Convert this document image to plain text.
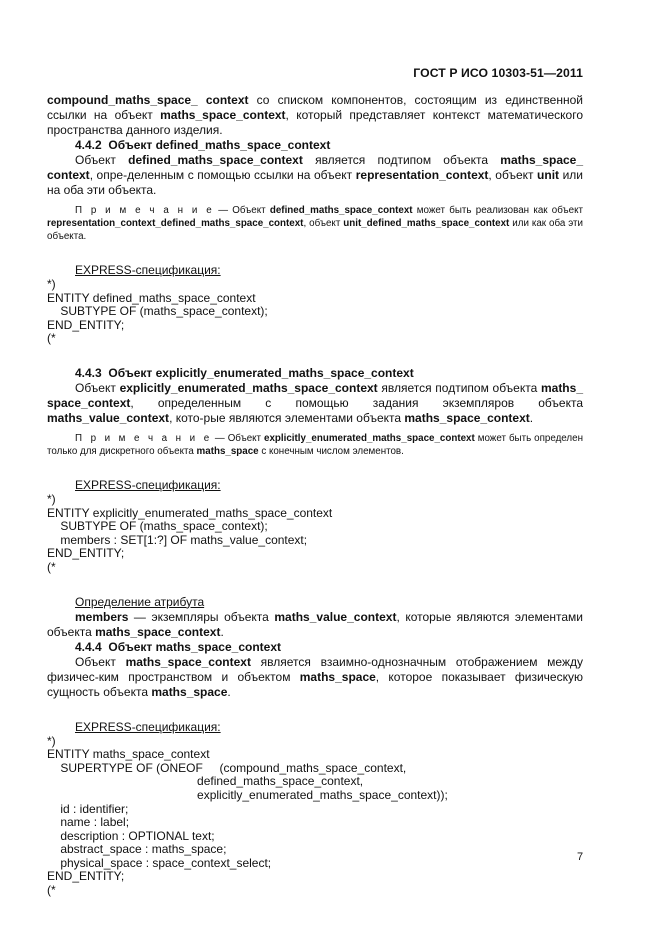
ГОСТ Р ИСО 10303-51—2011

compound_maths_space_ context со списком компонентов, состоящим из единственной ссылки на объект maths_space_context, который представляет контекст математического пространства данного изделия.

4.4.2 Объект defined_maths_space_context

Объект defined_maths_space_context является подтипом объекта maths_space_ context, опре-деленным с помощью ссылки на объект representation_context, объект unit или на оба эти объекта.

П р и м е ч а н и е — Объект defined_maths_space_context может быть реализован как объект representation_context_defined_maths_space_context, объект unit_defined_maths_space_context или как оба эти объекта.

EXPRESS-спецификация:

*)
ENTITY defined_maths_space_context
SUBTYPE OF (maths_space_context);
END_ENTITY;
(*
4.4.3 Объект explicitly_enumerated_maths_space_context

Объект explicitly_enumerated_maths_space_context является подтипом объекта maths_ space_context, определенным с помощью задания экземпляров объекта maths_value_context, кото-рые являются элементами объекта maths_space_context.

П р и м е ч а н и е — Объект explicitly_enumerated_maths_space_context может быть определен только для дискретного объекта maths_space с конечным числом элементов.

EXPRESS-спецификация:

*)
ENTITY explicitly_enumerated_maths_space_context
SUBTYPE OF (maths_space_context);
members : SET[1:?] OF maths_value_context;
END_ENTITY;
(*

Определение атрибута

members — экземпляры объекта maths_value_context, которые являются элементами объекта maths_space_context.

4.4.4 Объект maths_space_context

Объект maths_space_context является взаимно-однозначным отображением между физичес-ким пространством и объектом maths_space, которое показывает физическую сущность объекта maths_space.

EXPRESS-спецификация:

*)
ENTITY maths_space_context
SUPERTYPE OF (ONEOF     (compound_maths_space_context,
defined_maths_space_context,
explicitly_enumerated_maths_space_context));
id : identifier;
name : label;
description : OPTIONAL text;
abstract_space : maths_space;
physical_space : space_context_select;
END_ENTITY;
(*
7
